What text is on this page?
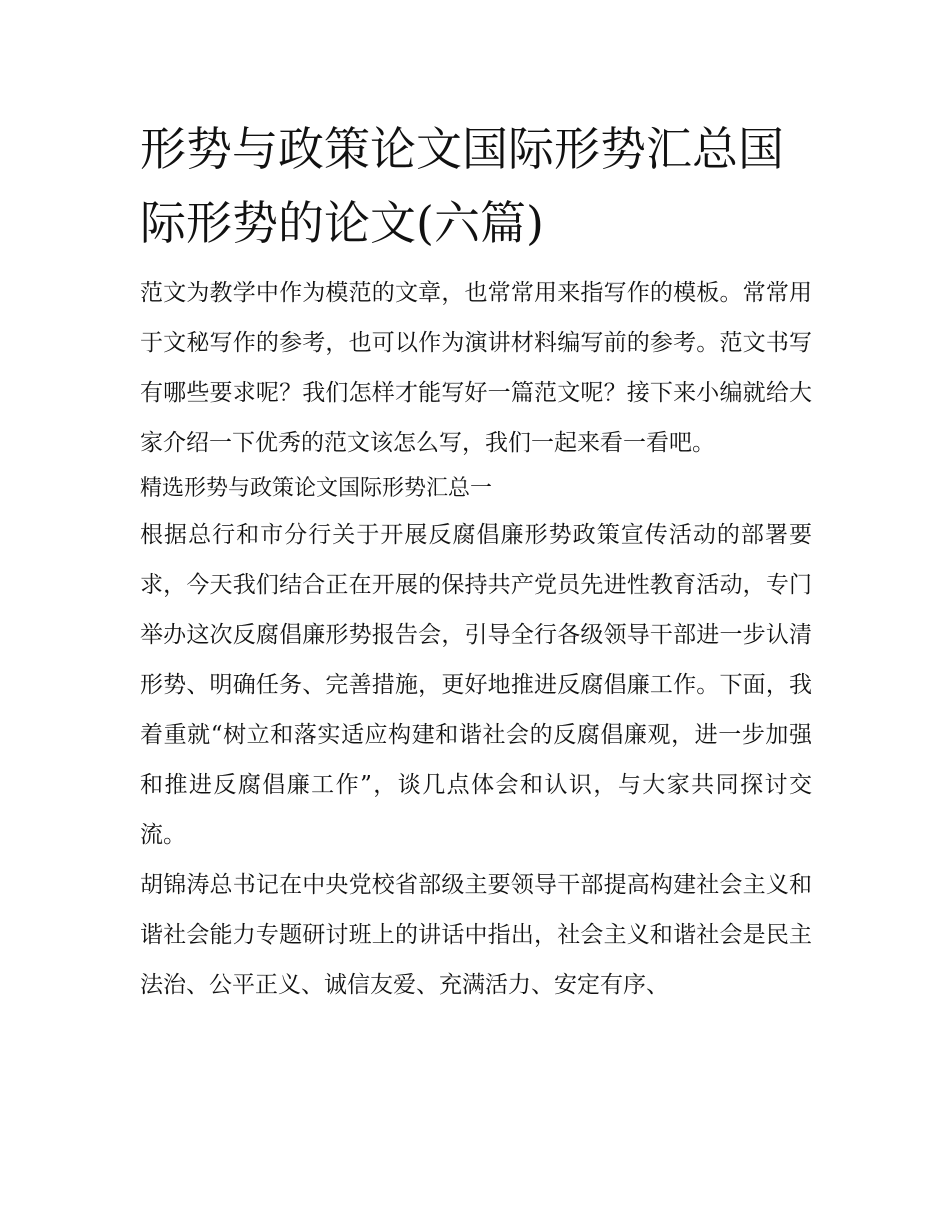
形势与政策论文国际形势汇总国际形势的论文(六篇)

范文为教学中作为模范的文章，也常常用来指写作的模板。常常用于文秘写作的参考，也可以作为演讲材料编写前的参考。范文书写有哪些要求呢？我们怎样才能写好一篇范文呢？接下来小编就给大家介绍一下优秀的范文该怎么写，我们一起来看一看吧。

精选形势与政策论文国际形势汇总一

根据总行和市分行关于开展反腐倡廉形势政策宣传活动的部署要求，今天我们结合正在开展的保持共产党员先进性教育活动，专门举办这次反腐倡廉形势报告会，引导全行各级领导干部进一步认清形势、明确任务、完善措施，更好地推进反腐倡廉工作。下面，我着重就“树立和落实适应构建和谐社会的反腐倡廉观，进一步加强和推进反腐倡廉工作”，谈几点体会和认识，与大家共同探讨交流。

胡锦涛总书记在中央党校省部级主要领导干部提高构建社会主义和谐社会能力专题研讨班上的讲话中指出，社会主义和谐社会是民主法治、公平正义、诚信友爱、充满活力、安定有序、
